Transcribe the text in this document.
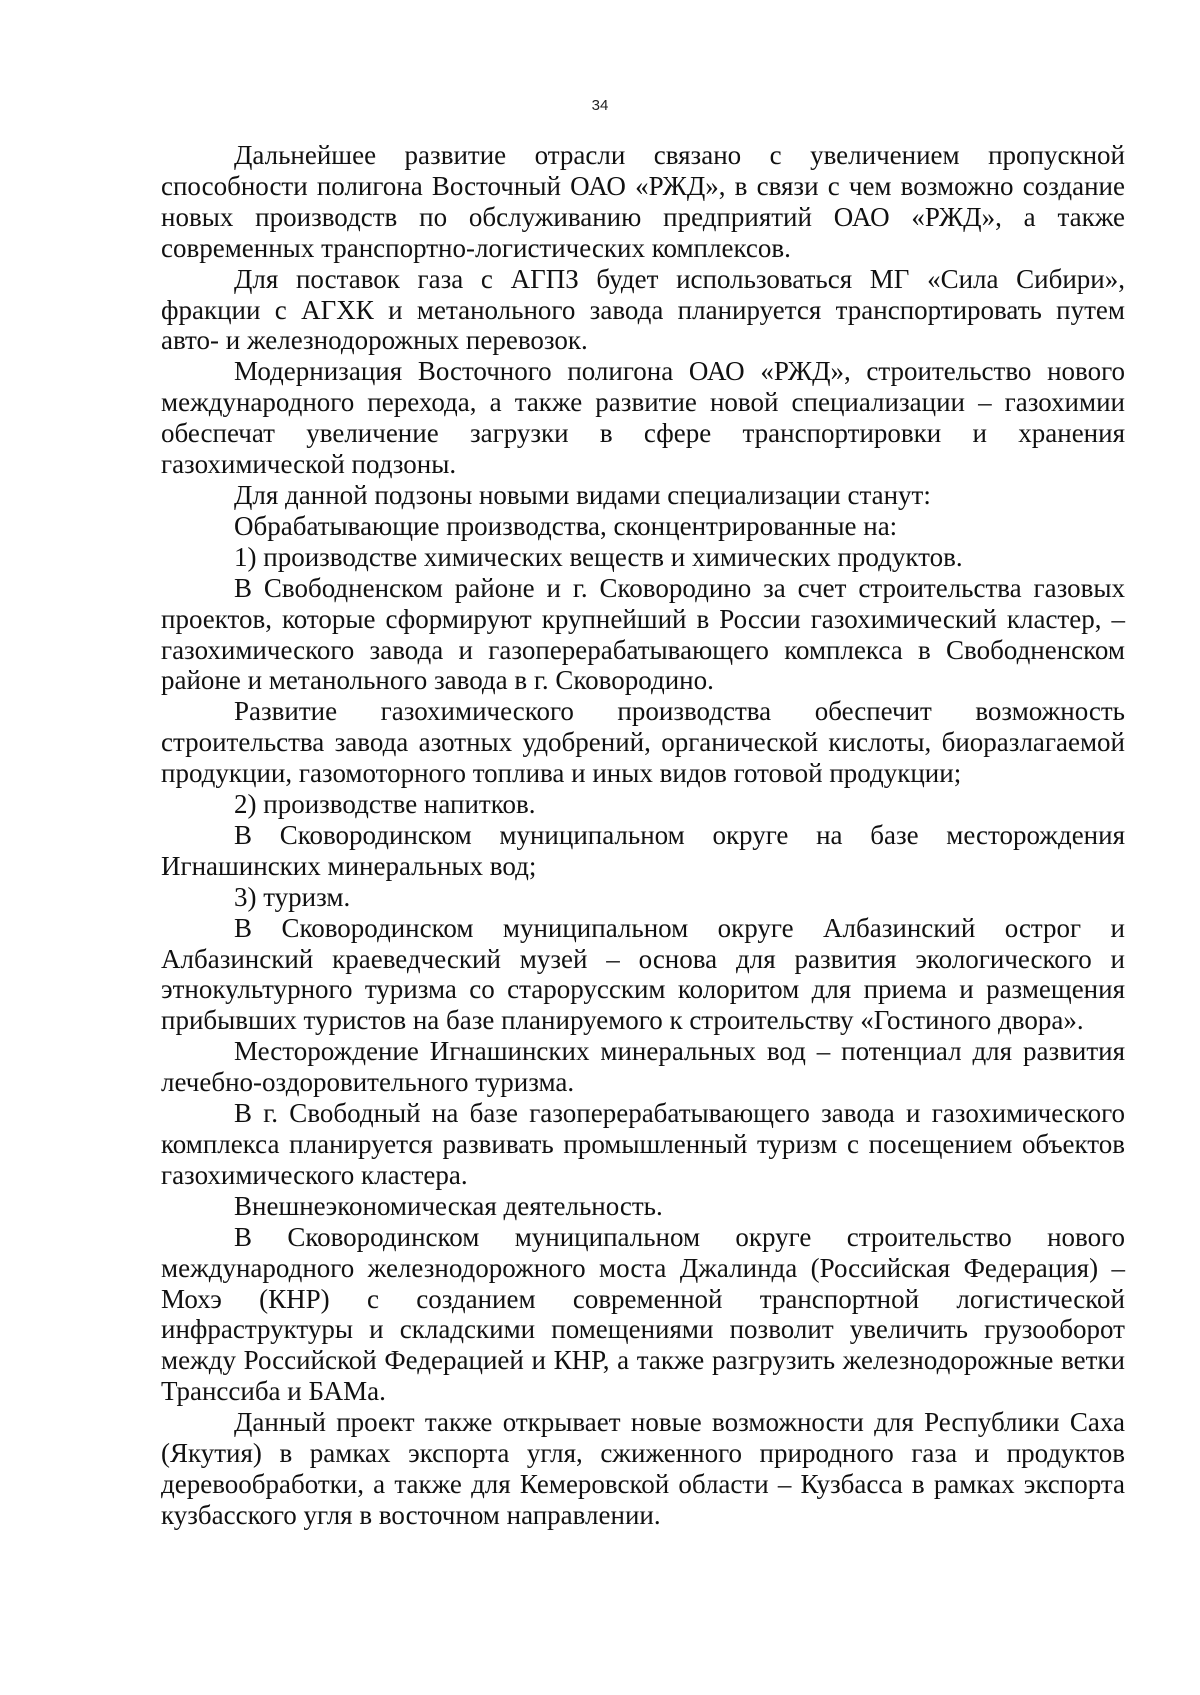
34

Дальнейшее развитие отрасли связано с увеличением пропускной способности полигона Восточный ОАО «РЖД», в связи с чем возможно создание новых производств по обслуживанию предприятий ОАО «РЖД», а также современных транспортно-логистических комплексов.

Для поставок газа с АГПЗ будет использоваться МГ «Сила Сибири», фракции с АГХК и метанольного завода планируется транспортировать путем авто- и железнодорожных перевозок.

Модернизация Восточного полигона ОАО «РЖД», строительство нового международного перехода, а также развитие новой специализации – газохимии обеспечат увеличение загрузки в сфере транспортировки и хранения газохимической подзоны.

Для данной подзоны новыми видами специализации станут:

Обрабатывающие производства, сконцентрированные на:

1) производстве химических веществ и химических продуктов.

В Свободненском районе и г. Сковородино за счет строительства газовых проектов, которые сформируют крупнейший в России газохимический кластер, – газохимического завода и газоперерабатывающего комплекса в Свободненском районе и метанольного завода в г. Сковородино.

Развитие газохимического производства обеспечит возможность строительства завода азотных удобрений, органической кислоты, биоразлагаемой продукции, газомоторного топлива и иных видов готовой продукции;

2) производстве напитков.

В Сковородинском муниципальном округе на базе месторождения Игнашинских минеральных вод;

3) туризм.

В Сковородинском муниципальном округе Албазинский острог и Албазинский краеведческий музей – основа для развития экологического и этнокультурного туризма со старорусским колоритом для приема и размещения прибывших туристов на базе планируемого к строительству «Гостиного двора».

Месторождение Игнашинских минеральных вод – потенциал для развития лечебно-оздоровительного туризма.

В г. Свободный на базе газоперерабатывающего завода и газохимического комплекса планируется развивать промышленный туризм с посещением объектов газохимического кластера.

Внешнеэкономическая деятельность.

В Сковородинском муниципальном округе строительство нового международного железнодорожного моста Джалинда (Российская Федерация) – Мохэ (КНР) с созданием современной транспортной логистической инфраструктуры и складскими помещениями позволит увеличить грузооборот между Российской Федерацией и КНР, а также разгрузить железнодорожные ветки Транссиба и БАМа.

Данный проект также открывает новые возможности для Республики Саха (Якутия) в рамках экспорта угля, сжиженного природного газа и продуктов деревообработки, а также для Кемеровской области – Кузбасса в рамках экспорта кузбасского угля в восточном направлении.
